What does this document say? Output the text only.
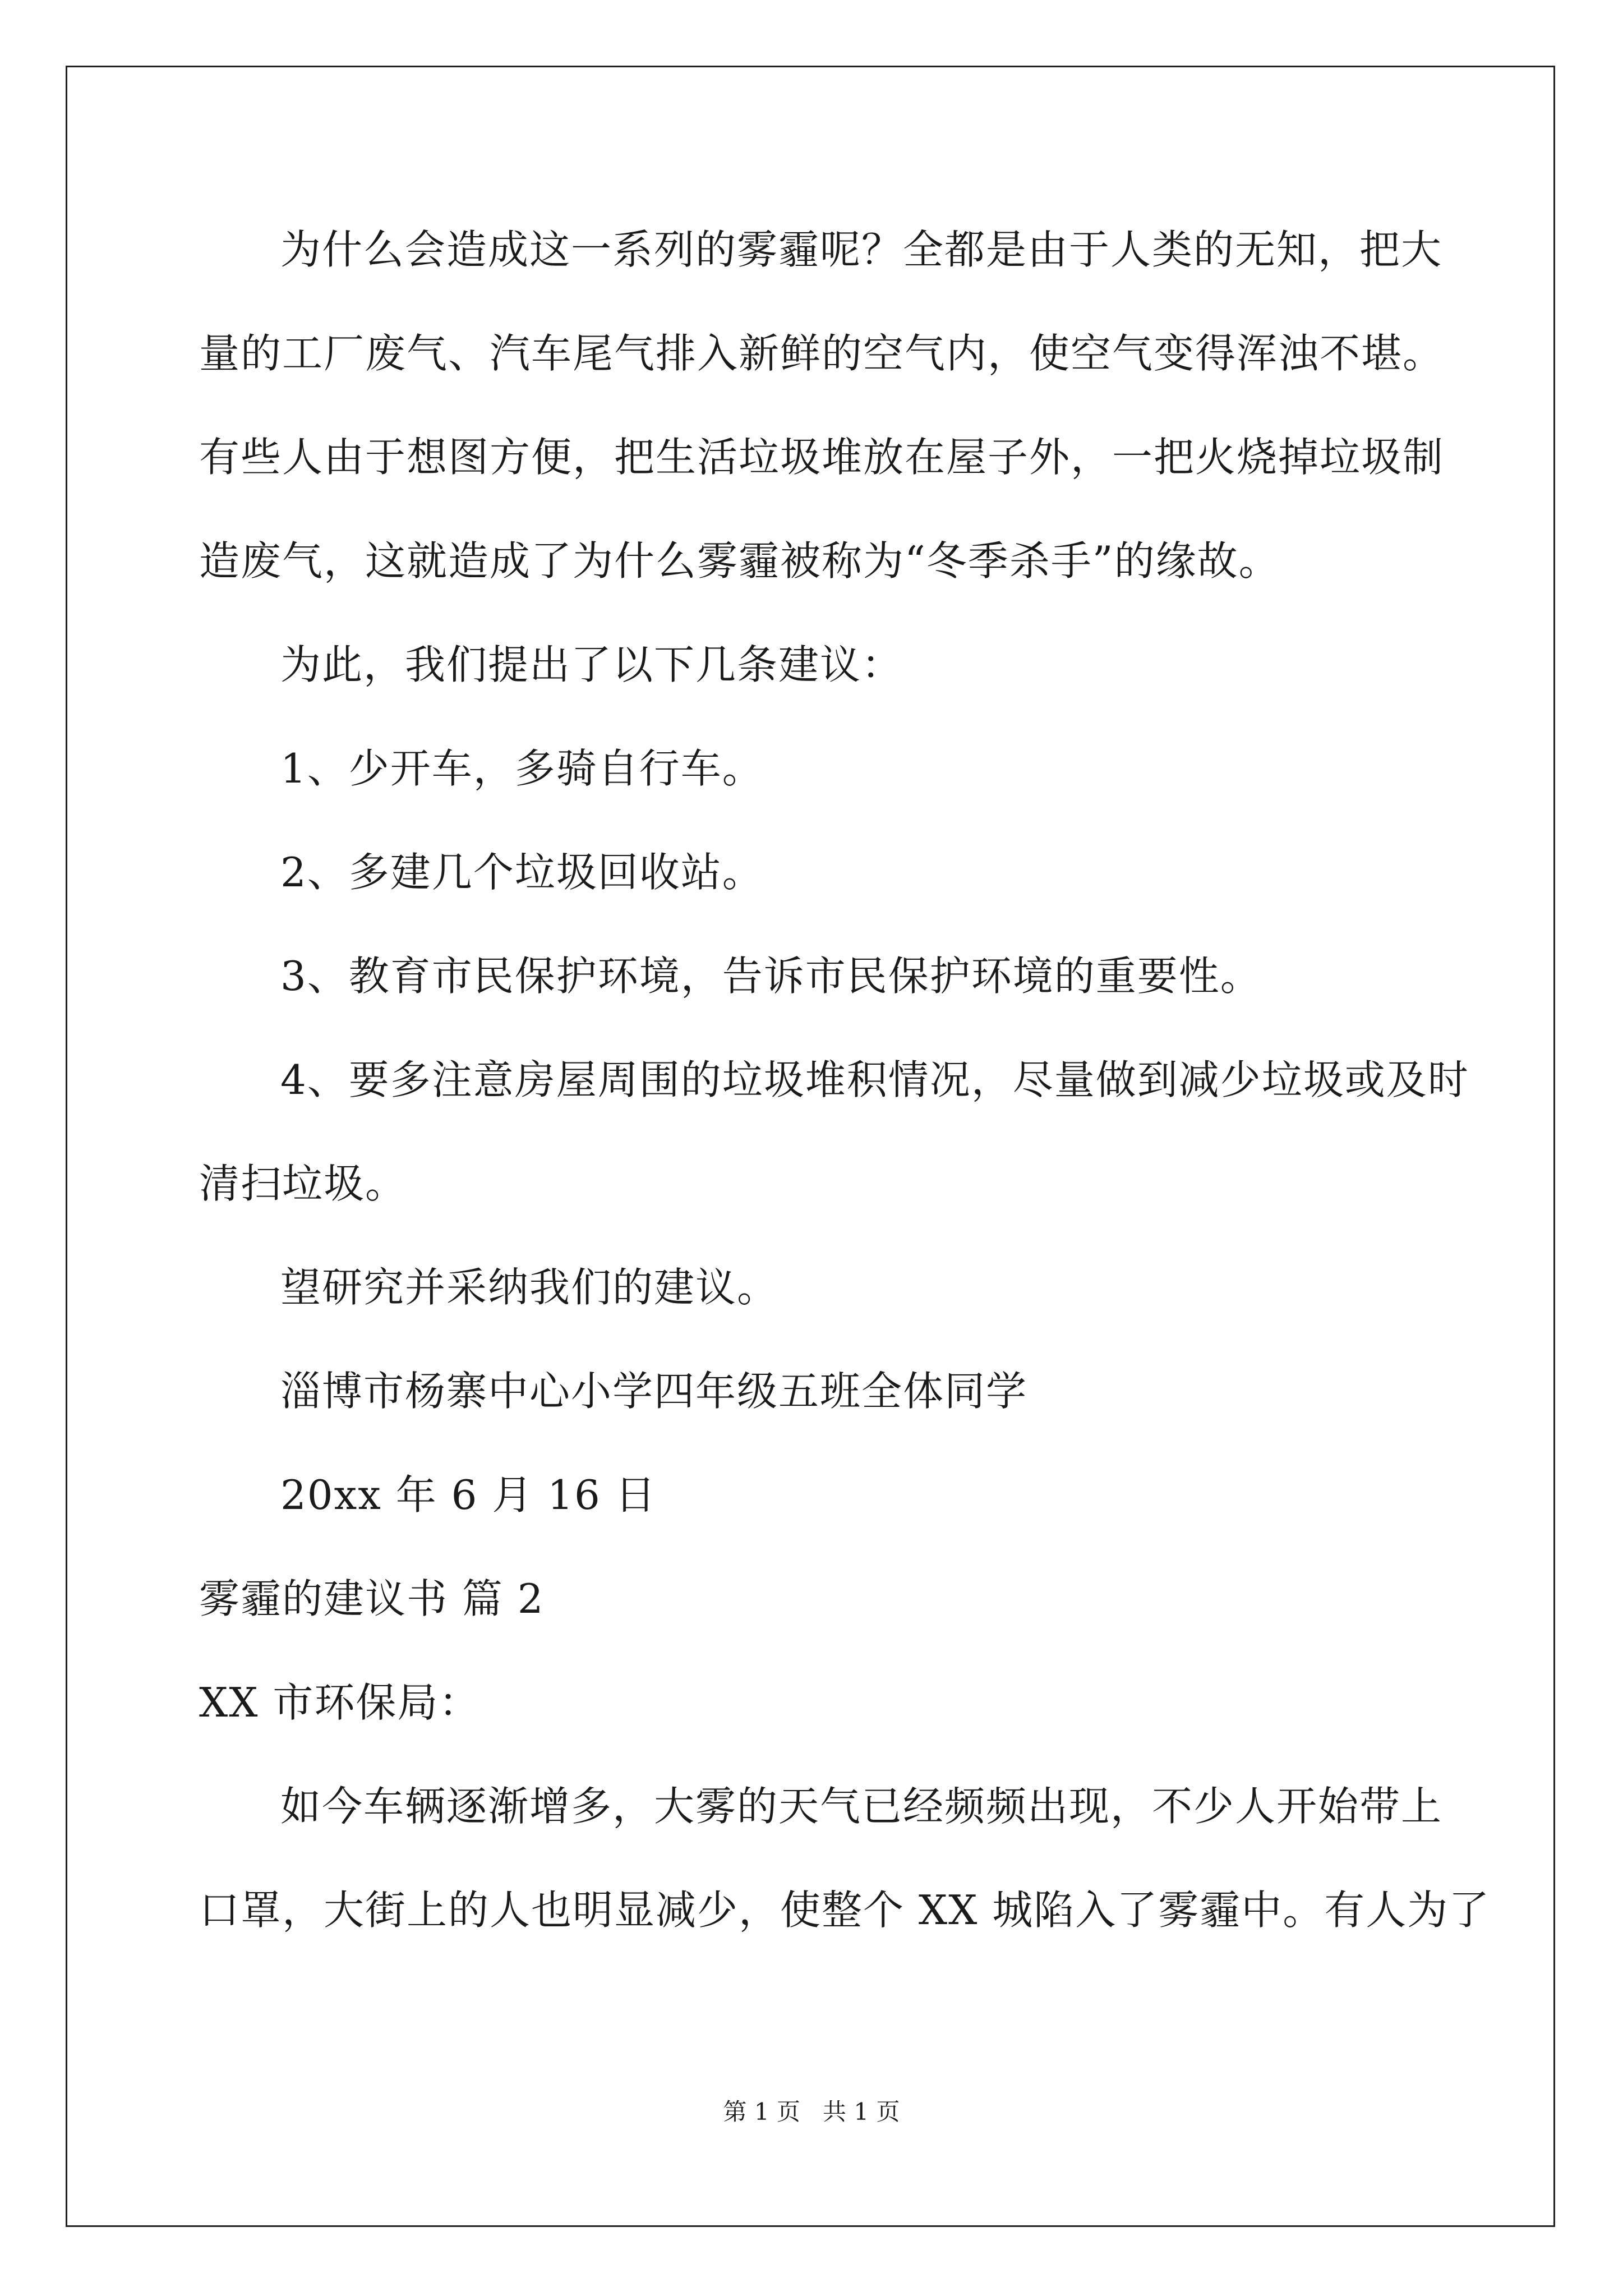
为什么会造成这一系列的雾霾呢？全都是由于人类的无知，把大
量的工厂废气、汽车尾气排入新鲜的空气内，使空气变得浑浊不堪。
有些人由于想图方便，把生活垃圾堆放在屋子外，一把火烧掉垃圾制
造废气，这就造成了为什么雾霾被称为“冬季杀手”的缘故。
为此，我们提出了以下几条建议：
1、少开车，多骑自行车。
2、多建几个垃圾回收站。
3、教育市民保护环境，告诉市民保护环境的重要性。
4、要多注意房屋周围的垃圾堆积情况，尽量做到减少垃圾或及时
清扫垃圾。
望研究并采纳我们的建议。
淄博市杨寨中心小学四年级五班全体同学
20xx 年 6 月 16 日
雾霾的建议书 篇 2
XX 市环保局：
如今车辆逐渐增多，大雾的天气已经频频出现，不少人开始带上
口罩，大街上的人也明显减少，使整个 XX 城陷入了雾霾中。有人为了
第 1 页   共 1 页
